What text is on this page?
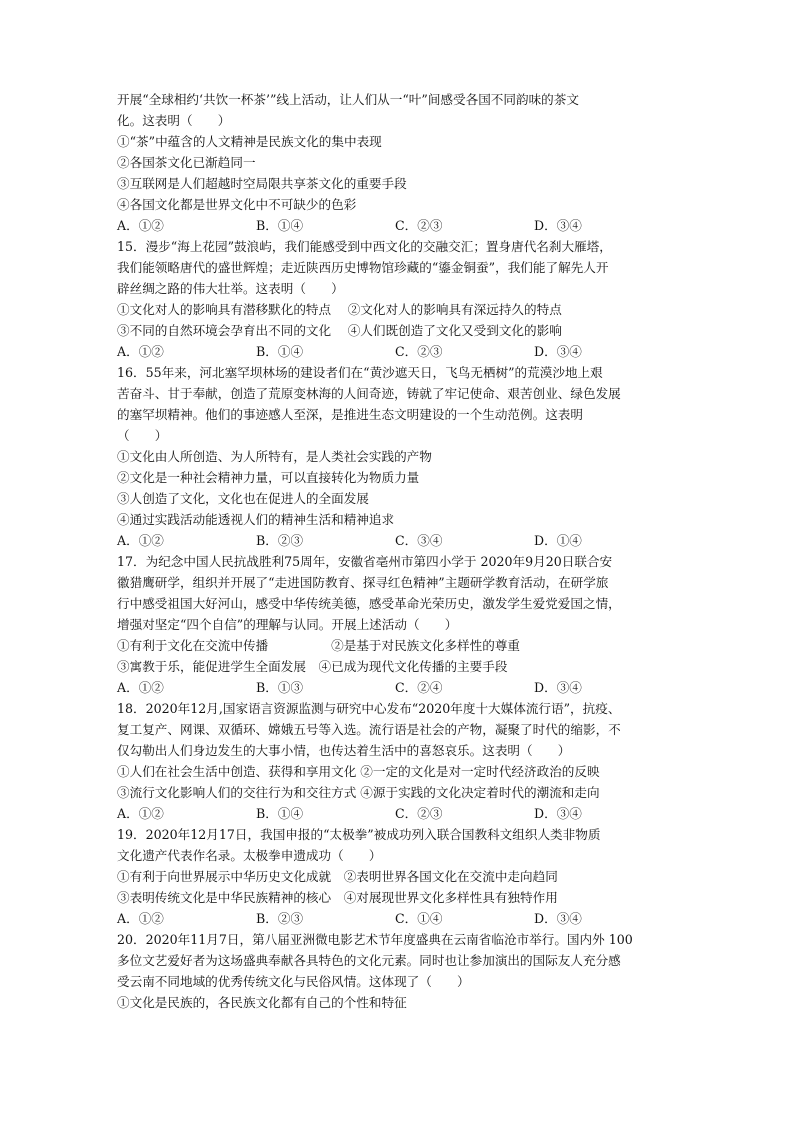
开展“全球相约‘共饮一杯茶’”线上活动，让人们从一“叶”间感受各国不同韵味的茶文
化。这表明（　　）
①“茶”中蕴含的人文精神是民族文化的集中表现
②各国茶文化已渐趋同一
③互联网是人们超越时空局限共享茶文化的重要手段
④各国文化都是世界文化中不可缺少的色彩
A．①②	B．①④	C．②③	D．③④
15．漫步“海上花园”鼓浪屿，我们能感受到中西文化的交融交汇；置身唐代名刹大雁塔，
我们能领略唐代的盛世辉煌；走近陕西历史博物馆珍藏的“鎏金铜蚕”，我们能了解先人开
辟丝绸之路的伟大壮举。这表明（　　）
①文化对人的影响具有潜移默化的特点　 ②文化对人的影响具有深远持久的特点
③不同的自然环境会孕育出不同的文化　 ④人们既创造了文化又受到文化的影响
A．①②	B．①④	C．②③	D．③④
16．55年来，河北塞罕坝林场的建设者们在“黄沙遮天日，飞鸟无栖树”的荒漠沙地上艰
苦奋斗、甘于奉献，创造了荒原变林海的人间奇迹，铸就了牢记使命、艰苦创业、绿色发展
的塞罕坝精神。他们的事迹感人至深，是推进生态文明建设的一个生动范例。这表明
（　　）
①文化由人所创造、为人所特有，是人类社会实践的产物
②文化是一种社会精神力量，可以直接转化为物质力量
③人创造了文化，文化也在促进人的全面发展
④通过实践活动能透视人们的精神生活和精神追求
A．①②	B．②③	C．③④	D．①④
17．为纪念中国人民抗战胜利75周年，安徽省亳州市第四小学于 2020年9月20日联合安
徽猎鹰研学，组织并开展了“走进国防教育、探寻红色精神”主题研学教育活动，在研学旅
行中感受祖国大好河山，感受中华传统美德，感受革命光荣历史，激发学生爱党爱国之情，
增强对坚定“四个自信”的理解与认同。开展上述活动（　　）
①有利于文化在交流中传播　　　　　②是基于对民族文化多样性的尊重
③寓教于乐，能促进学生全面发展　④已成为现代文化传播的主要手段
A．①②	B．①③	C．②④	D．③④
18．2020年12月,国家语言资源监测与研究中心发布“2020年度十大媒体流行语”，抗疫、
复工复产、网课、双循环、嫦娥五号等入选。流行语是社会的产物，凝聚了时代的缩影，不
仅勾勒出人们身边发生的大事小情，也传达着生活中的喜怒哀乐。这表明（　　）
①人们在社会生活中创造、获得和享用文化 ②一定的文化是对一定时代经济政治的反映
③流行文化影响人们的交往行为和交往方式 ④源于实践的文化决定着时代的潮流和走向
A．①②	B．①④	C．②③	D．③④
19．2020年12月17日，我国申报的“太极拳”被成功列入联合国教科文组织人类非物质
文化遗产代表作名录。太极拳申遗成功（　　）
①有利于向世界展示中华历史文化成就　②表明世界各国文化在交流中走向趋同
③表明传统文化是中华民族精神的核心　④对展现世界文化多样性具有独特作用
A．①②	B．②③	C．①④	D．③④
20．2020年11月7日，第八届亚洲微电影艺术节年度盛典在云南省临沧市举行。国内外 100
多位文艺爱好者为这场盛典奉献各具特色的文化元素。同时也让参加演出的国际友人充分感
受云南不同地域的优秀传统文化与民俗风情。这体现了（　　）
①文化是民族的，各民族文化都有自己的个性和特征
